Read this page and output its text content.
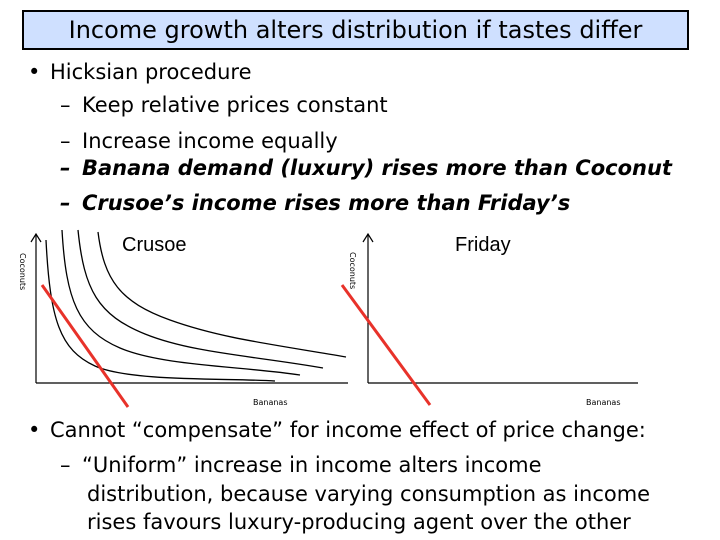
Income growth alters distribution if tastes differ
• Hicksian procedure
– Keep relative prices constant
– Increase income equally
– Banana demand (luxury) rises more than Coconut
– Crusoe’s income rises more than Friday’s
Crusoe
Bananas
Coconuts
Friday
Bananas
Coconuts
• Cannot “compensate” for income effect of price change:
– “Uniform” increase in income alters income
distribution, because varying consumption as income
rises favours luxury-producing agent over the other
